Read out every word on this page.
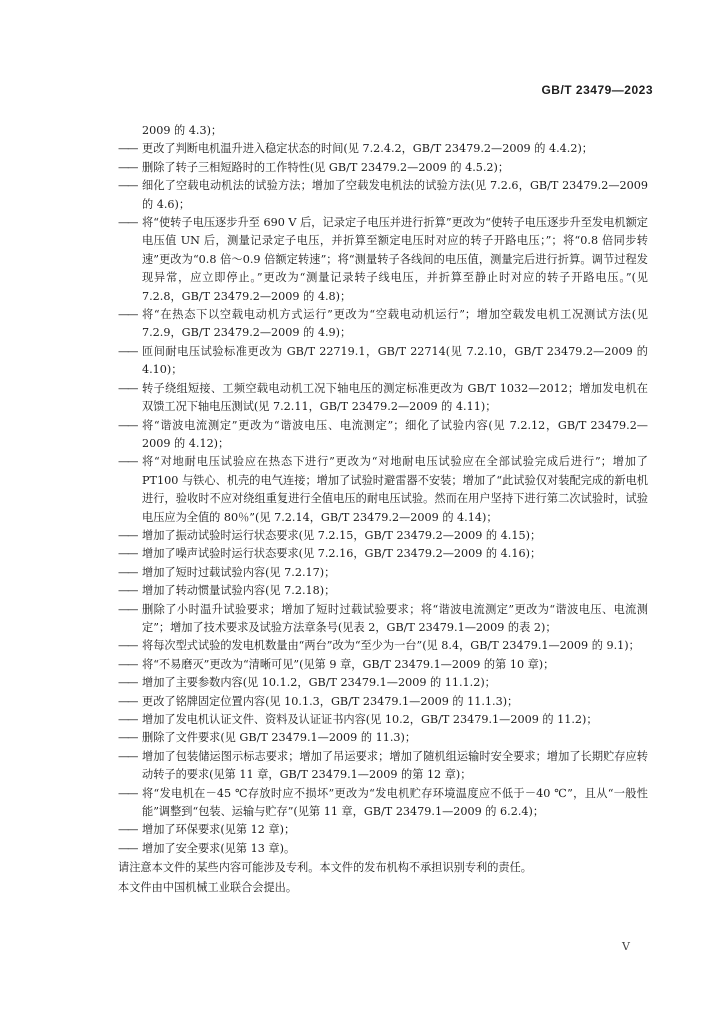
GB/T 23479—2023
2009 的 4.3)；
—— 更改了判断电机温升进入稳定状态的时间(见 7.2.4.2，GB/T 23479.2—2009 的 4.4.2)；
—— 删除了转子三相短路时的工作特性(见 GB/T 23479.2—2009 的 4.5.2)；
—— 细化了空载电动机法的试验方法；增加了空载发电机法的试验方法(见 7.2.6，GB/T 23479.2—2009 的 4.6)；
—— 将“使转子电压逐步升至 690 V 后，记录定子电压并进行折算”更改为“使转子电压逐步升至发电机额定电压值 UN 后，测量记录定子电压，并折算至额定电压时对应的转子开路电压；”；将“0.8 倍同步转速”更改为“0.8 倍～0.9 倍额定转速”；将“测量转子各线间的电压值，测量完后进行折算。调节过程发现异常，应立即停止。”更改为“测量记录转子线电压，并折算至静止时对应的转子开路电压。”(见 7.2.8，GB/T 23479.2—2009 的 4.8)；
—— 将“在热态下以空载电动机方式运行”更改为“空载电动机运行”；增加空载发电机工况测试方法(见 7.2.9，GB/T 23479.2—2009 的 4.9)；
—— 匝间耐电压试验标准更改为 GB/T 22719.1，GB/T 22714(见 7.2.10，GB/T 23479.2—2009 的 4.10)；
—— 转子绕组短接、工频空载电动机工况下轴电压的测定标准更改为 GB/T 1032—2012；增加发电机在双馈工况下轴电压测试(见 7.2.11，GB/T 23479.2—2009 的 4.11)；
—— 将“谐波电流测定”更改为“谐波电压、电流测定”；细化了试验内容(见 7.2.12，GB/T 23479.2—2009 的 4.12)；
—— 将“对地耐电压试验应在热态下进行”更改为“对地耐电压试验应在全部试验完成后进行”；增加了 PT100 与铁心、机壳的电气连接；增加了试验时避雷器不安装；增加了“此试验仅对装配完成的新电机进行，验收时不应对绕组重复进行全值电压的耐电压试验。然而在用户坚持下进行第二次试验时，试验电压应为全值的 80％”(见 7.2.14，GB/T 23479.2—2009 的 4.14)；
—— 增加了振动试验时运行状态要求(见 7.2.15，GB/T 23479.2—2009 的 4.15)；
—— 增加了噪声试验时运行状态要求(见 7.2.16，GB/T 23479.2—2009 的 4.16)；
—— 增加了短时过载试验内容(见 7.2.17)；
—— 增加了转动惯量试验内容(见 7.2.18)；
—— 删除了小时温升试验要求；增加了短时过载试验要求；将“谐波电流测定”更改为“谐波电压、电流测定”；增加了技术要求及试验方法章条号(见表 2，GB/T 23479.1—2009 的表 2)；
—— 将每次型式试验的发电机数量由“两台”改为“至少为一台”(见 8.4，GB/T 23479.1—2009 的 9.1)；
—— 将“不易磨灭”更改为“清晰可见”(见第 9 章，GB/T 23479.1—2009 的第 10 章)；
—— 增加了主要参数内容(见 10.1.2，GB/T 23479.1—2009 的 11.1.2)；
—— 更改了铭牌固定位置内容(见 10.1.3，GB/T 23479.1—2009 的 11.1.3)；
—— 增加了发电机认证文件、资料及认证证书内容(见 10.2，GB/T 23479.1—2009 的 11.2)；
—— 删除了文件要求(见 GB/T 23479.1—2009 的 11.3)；
—— 增加了包装储运图示标志要求；增加了吊运要求；增加了随机组运输时安全要求；增加了长期贮存应转动转子的要求(见第 11 章，GB/T 23479.1—2009 的第 12 章)；
—— 将“发电机在－45 ℃存放时应不损坏”更改为“发电机贮存环境温度应不低于－40 ℃”，且从“一般性能”调整到“包装、运输与贮存”(见第 11 章，GB/T 23479.1—2009 的 6.2.4)；
—— 增加了环保要求(见第 12 章)；
—— 增加了安全要求(见第 13 章)。
请注意本文件的某些内容可能涉及专利。本文件的发布机构不承担识别专利的责任。
本文件由中国机械工业联合会提出。
V
